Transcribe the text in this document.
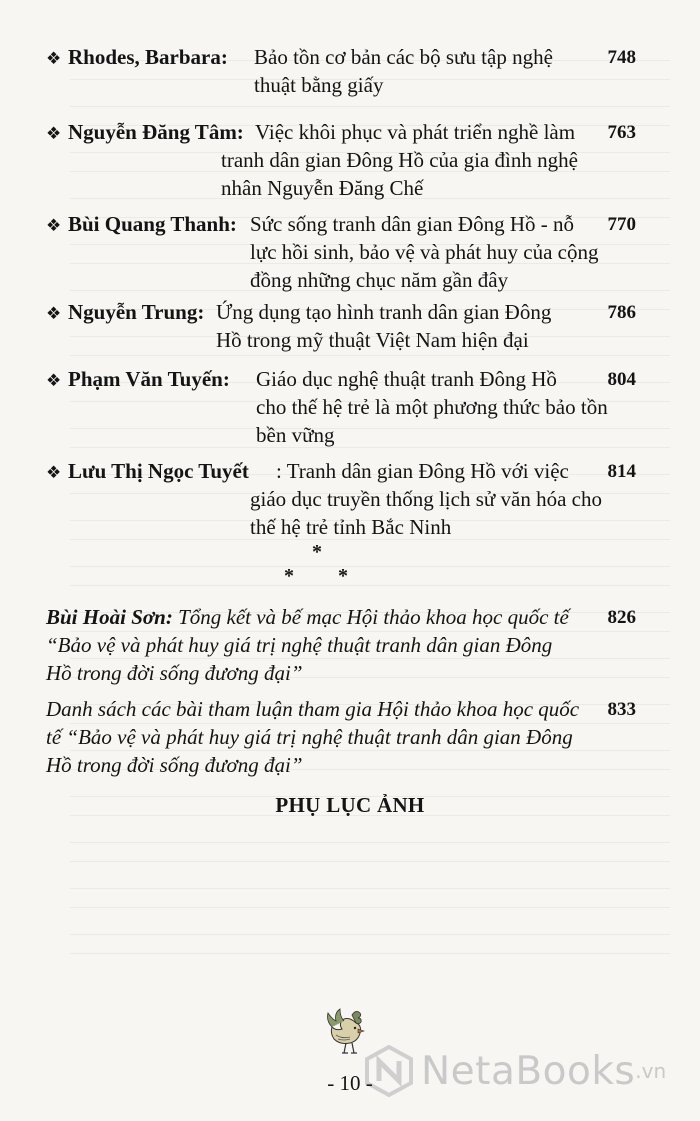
❖ Rhodes, Barbara: Bảo tồn cơ bản các bộ sưu tập nghệ
thuật bằng giấy
748
❖ Nguyễn Đăng Tâm: Việc khôi phục và phát triển nghề làm
tranh dân gian Đông Hồ của gia đình nghệ
nhân Nguyễn Đăng Chế
763
❖ Bùi Quang Thanh: Sức sống tranh dân gian Đông Hồ - nỗ
lực hồi sinh, bảo vệ và phát huy của cộng
đồng những chục năm gần đây
770
❖ Nguyễn Trung: Ứng dụng tạo hình tranh dân gian Đông
Hồ trong mỹ thuật Việt Nam hiện đại
786
❖ Phạm Văn Tuyến: Giáo dục nghệ thuật tranh Đông Hồ
cho thế hệ trẻ là một phương thức bảo tồn
bền vững
804
❖ Lưu Thị Ngọc Tuyết : Tranh dân gian Đông Hồ với việc
giáo dục truyền thống lịch sử văn hóa cho
thế hệ trẻ tỉnh Bắc Ninh
814
*
* *
Bùi Hoài Sơn: Tổng kết và bế mạc Hội thảo khoa học quốc tế
“Bảo vệ và phát huy giá trị nghệ thuật tranh dân gian Đông
Hồ trong đời sống đương đại”
826
Danh sách các bài tham luận tham gia Hội thảo khoa học quốc
tế “Bảo vệ và phát huy giá trị nghệ thuật tranh dân gian Đông
Hồ trong đời sống đương đại”
833
PHỤ LỤC ẢNH
NetaBooks .vn
- 10 -
